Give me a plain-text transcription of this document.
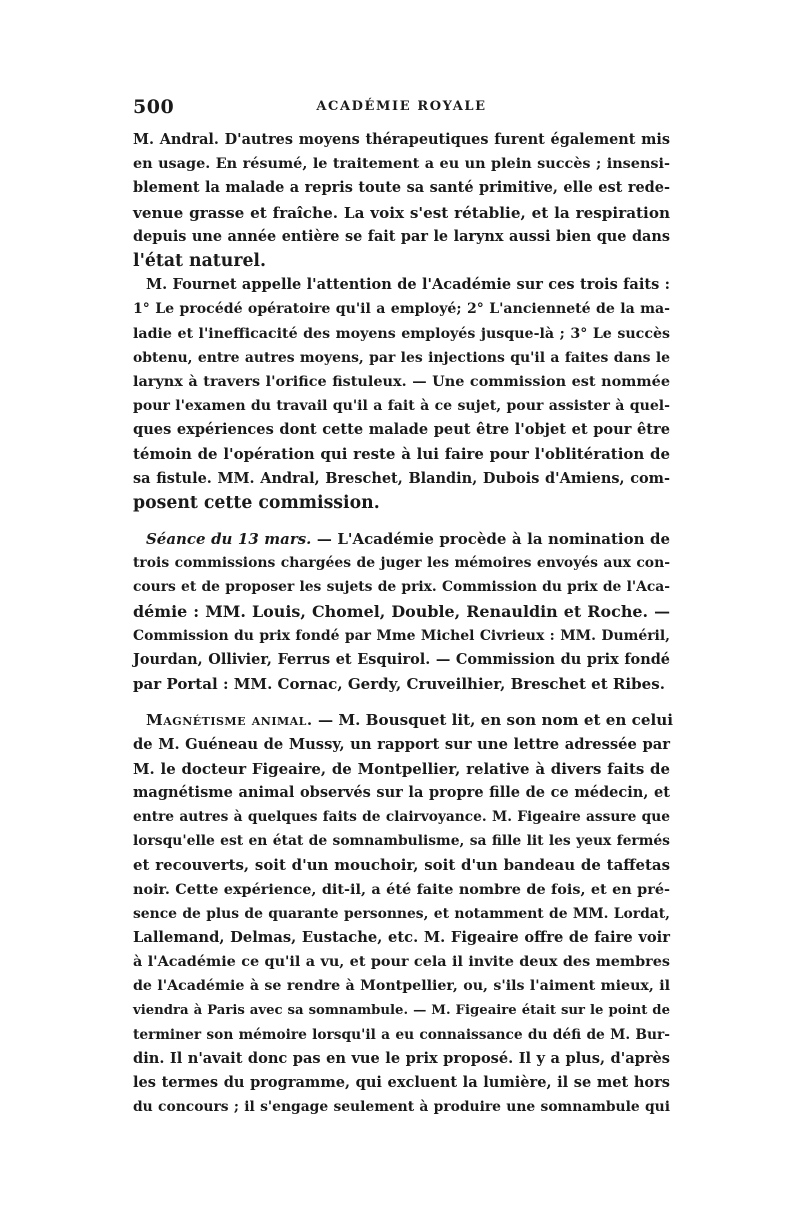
500	ACADÉMIE ROYALE
M. Andral. D'autres moyens thérapeutiques furent également mis
en usage. En résumé, le traitement a eu un plein succès ; insensi-
blement la malade a repris toute sa santé primitive, elle est rede-
venue grasse et fraîche. La voix s'est rétablie, et la respiration
depuis une année entière se fait par le larynx aussi bien que dans
l'état naturel.
M. Fournet appelle l'attention de l'Académie sur ces trois faits :
1° Le procédé opératoire qu'il a employé; 2° L'ancienneté de la ma-
ladie et l'inefficacité des moyens employés jusque-là ; 3° Le succès
obtenu, entre autres moyens, par les injections qu'il a faites dans le
larynx à travers l'orifice fistuleux. — Une commission est nommée
pour l'examen du travail qu'il a fait à ce sujet, pour assister à quel-
ques expériences dont cette malade peut être l'objet et pour être
témoin de l'opération qui reste à lui faire pour l'oblitération de
sa fistule. MM. Andral, Breschet, Blandin, Dubois d'Amiens, com-
posent cette commission.
Séance du 13 mars. — L'Académie procède à la nomination de
trois commissions chargées de juger les mémoires envoyés aux con-
cours et de proposer les sujets de prix. Commission du prix de l'Aca-
démie : MM. Louis, Chomel, Double, Renauldin et Roche. —
Commission du prix fondé par Mme Michel Civrieux : MM. Duméril,
Jourdan, Ollivier, Ferrus et Esquirol. — Commission du prix fondé
par Portal : MM. Cornac, Gerdy, Cruveilhier, Breschet et Ribes.
Magnétisme animal. — M. Bousquet lit, en son nom et en celui
de M. Guéneau de Mussy, un rapport sur une lettre adressée par
M. le docteur Figeaire, de Montpellier, relative à divers faits de
magnétisme animal observés sur la propre fille de ce médecin, et
entre autres à quelques faits de clairvoyance. M. Figeaire assure que
lorsqu'elle est en état de somnambulisme, sa fille lit les yeux fermés
et recouverts, soit d'un mouchoir, soit d'un bandeau de taffetas
noir. Cette expérience, dit-il, a été faite nombre de fois, et en pré-
sence de plus de quarante personnes, et notamment de MM. Lordat,
Lallemand, Delmas, Eustache, etc. M. Figeaire offre de faire voir
à l'Académie ce qu'il a vu, et pour cela il invite deux des membres
de l'Académie à se rendre à Montpellier, ou, s'ils l'aiment mieux, il
viendra à Paris avec sa somnambule. — M. Figeaire était sur le point de
terminer son mémoire lorsqu'il a eu connaissance du défi de M. Bur-
din. Il n'avait donc pas en vue le prix proposé. Il y a plus, d'après
les termes du programme, qui excluent la lumière, il se met hors
du concours ; il s'engage seulement à produire une somnambule qui
